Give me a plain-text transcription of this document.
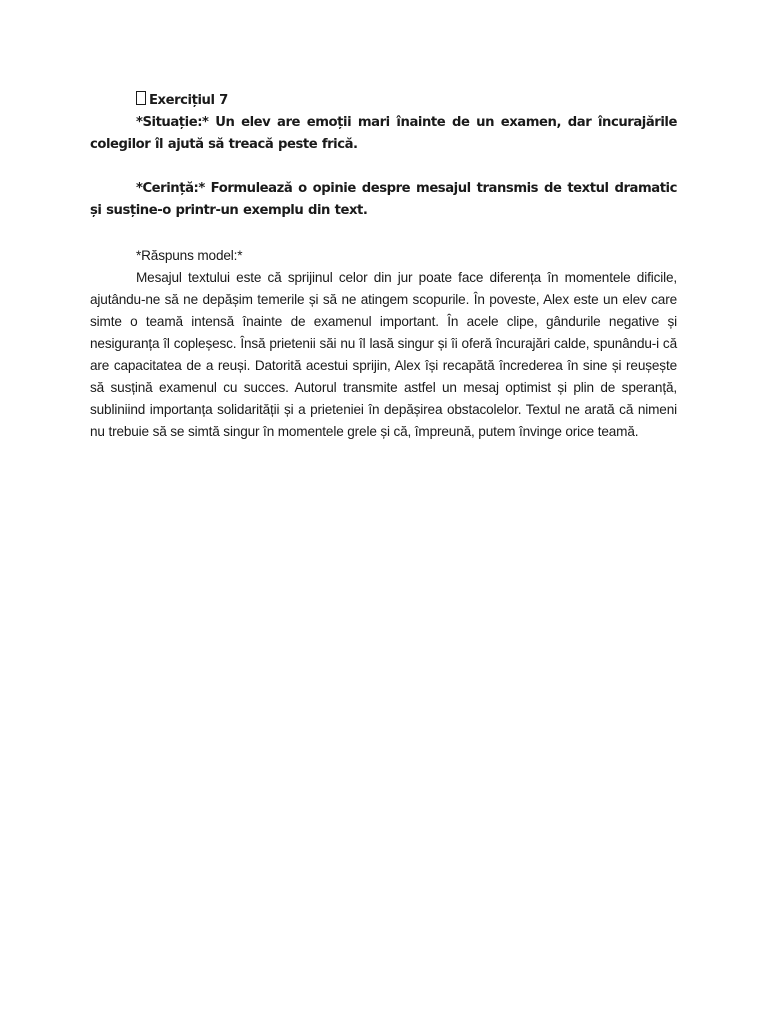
Exercițiul 7

*Situație:* Un elev are emoții mari înainte de un examen, dar încurajările colegilor îl ajută să treacă peste frică.

*Cerință:* Formulează o opinie despre mesajul transmis de textul dramatic și susține-o printr-un exemplu din text.

*Răspuns model:*

Mesajul textului este că sprijinul celor din jur poate face diferența în momentele dificile, ajutându-ne să ne depășim temerile și să ne atingem scopurile. În poveste, Alex este un elev care simte o teamă intensă înainte de examenul important. În acele clipe, gândurile negative și nesiguranța îl copleșesc. Însă prietenii săi nu îl lasă singur și îi oferă încurajări calde, spunându-i că are capacitatea de a reuși. Datorită acestui sprijin, Alex își recapătă încrederea în sine și reușește să susțină examenul cu succes. Autorul transmite astfel un mesaj optimist și plin de speranță, subliniind importanța solidarității și a prieteniei în depășirea obstacolelor. Textul ne arată că nimeni nu trebuie să se simtă singur în momentele grele și că, împreună, putem învinge orice teamă.
